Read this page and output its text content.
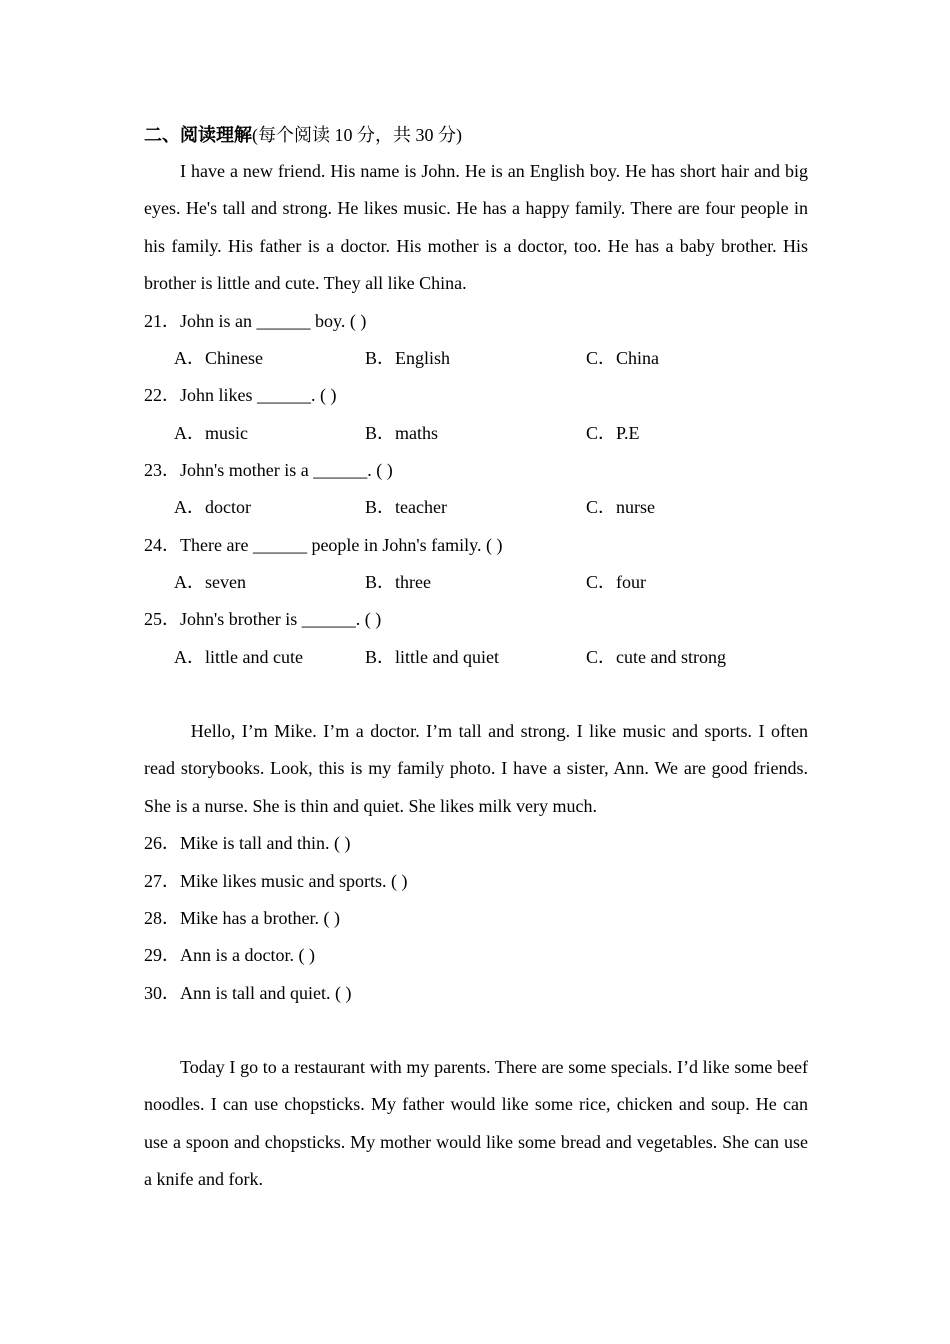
二、阅读理解(每个阅读 10 分，共 30 分)

I have a new friend. His name is John. He is an English boy. He has short hair and big eyes. He's tall and strong. He likes music. He has a happy family. There are four people in his family. His father is a doctor. His mother is a doctor, too. He has a baby brother. His brother is little and cute. They all like China.

21．John is an ______ boy. ( )
A．Chinese	B．English	C．China
22．John likes ______. ( )
A．music	B．maths	C．P.E
23．John's mother is a ______. ( )
A．doctor	B．teacher	C．nurse
24．There are ______ people in John's family. ( )
A．seven	B．three	C．four
25．John's brother is ______. ( )
A．little and cute	B．little and quiet	C．cute and strong

Hello, I’m Mike. I’m a doctor. I’m tall and strong. I like music and sports. I often read storybooks. Look, this is my family photo. I have a sister, Ann. We are good friends. She is a nurse. She is thin and quiet. She likes milk very much.

26．Mike is tall and thin. ( )
27．Mike likes music and sports. ( )
28．Mike has a brother. ( )
29．Ann is a doctor. ( )
30．Ann is tall and quiet. ( )

Today I go to a restaurant with my parents. There are some specials. I’d like some beef noodles. I can use chopsticks. My father would like some rice, chicken and soup. He can use a spoon and chopsticks. My mother would like some bread and vegetables. She can use a knife and fork.
